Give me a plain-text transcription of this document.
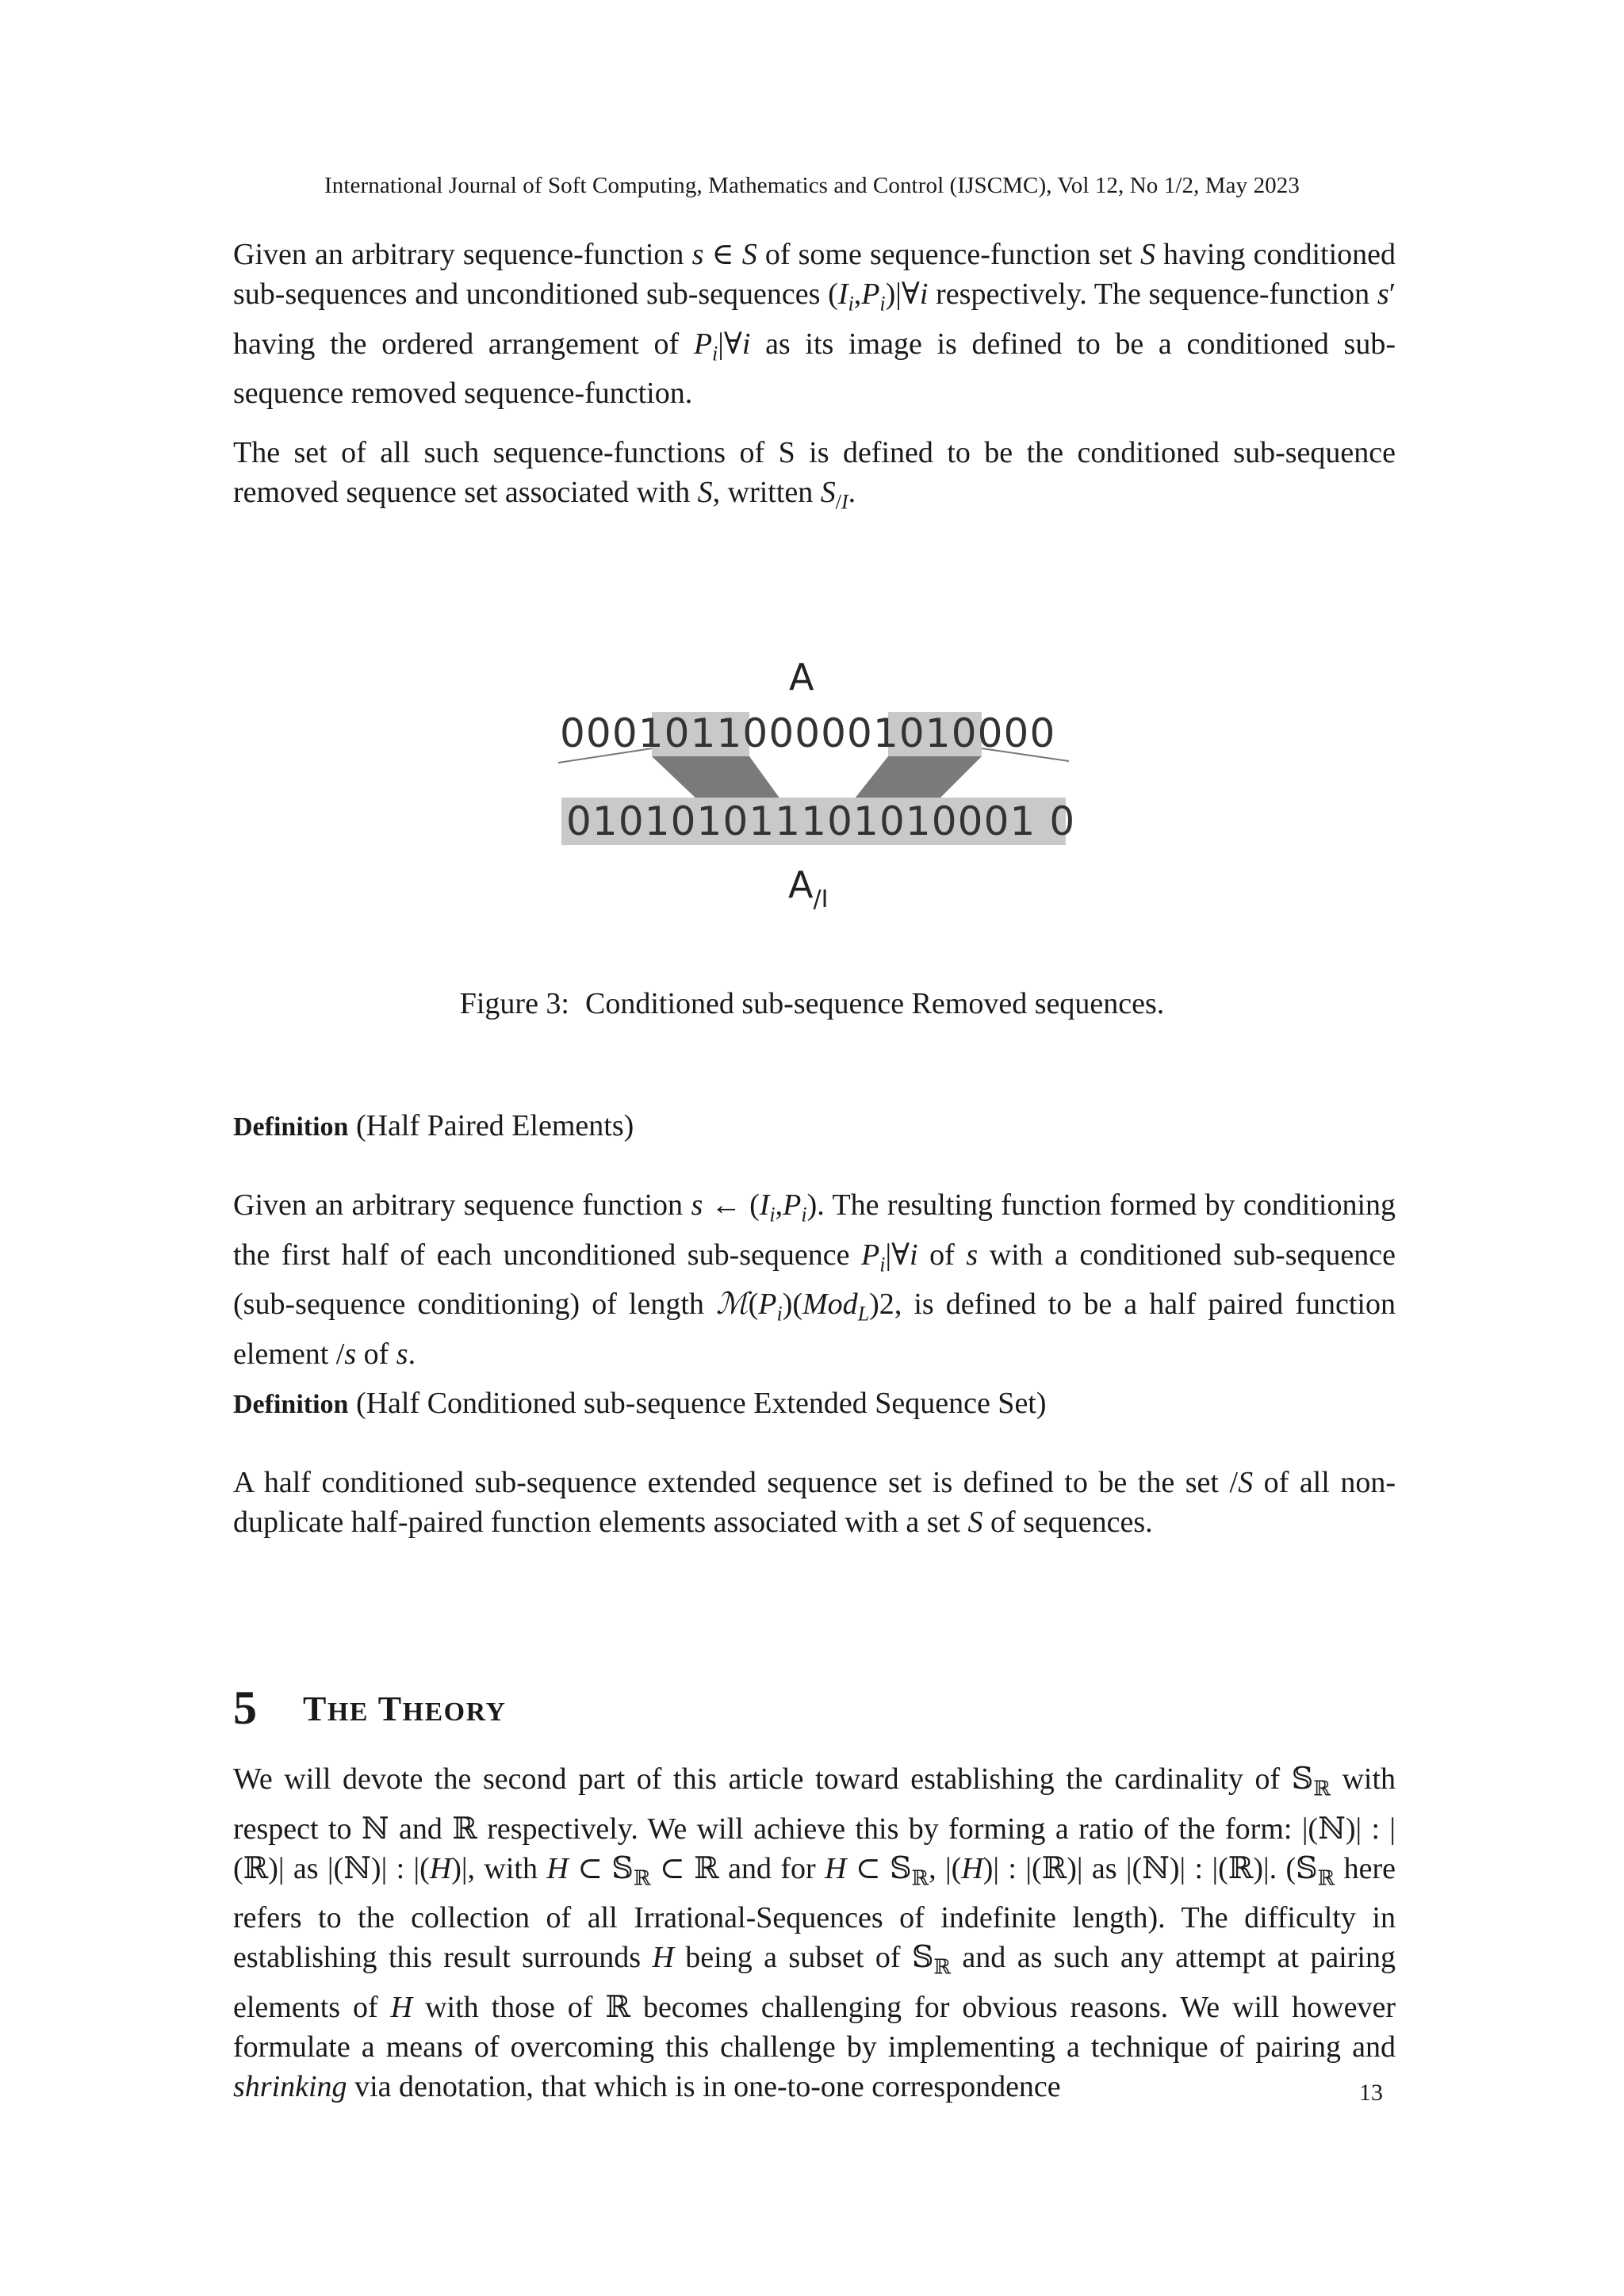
International Journal of Soft Computing, Mathematics and Control (IJSCMC), Vol 12, No 1/2, May 2023

Given an arbitrary sequence-function s ∈ S of some sequence-function set S having conditioned sub-sequences and unconditioned sub-sequences $(I_i,P_i)|\forall i$ respectively. The sequence-function s′ having the ordered arrangement of $P_i|\forall i$ as its image is defined to be a conditioned sub-sequence removed sequence-function.

The set of all such sequence-functions of S is defined to be the conditioned sub-sequence removed sequence set associated with S, written $S_{/I}$.

A
0001011000001010000
010101011101010001 0
$A_{/I}$
Figure 3: Conditioned sub-sequence Removed sequences.
Definition (Half Paired Elements)

Given an arbitrary sequence function s ← $(I_i,P_i)$. The resulting function formed by conditioning the first half of each unconditioned sub-sequence $P_i|\forall i$ of s with a conditioned sub-sequence (sub-sequence conditioning) of length $ℳ(P_i)(Mod_L)2$, is defined to be a half paired function element /s of s.

Definition (Half Conditioned sub-sequence Extended Sequence Set)

A half conditioned sub-sequence extended sequence set is defined to be the set /S of all non-duplicate half-paired function elements associated with a set S of sequences.

5 THE THEORY

We will devote the second part of this article toward establishing the cardinality of 𝕊$_ℝ$ with respect to ℕ and ℝ respectively. We will achieve this by forming a ratio of the form: |(ℕ)| : |(ℝ)| as |(ℕ)| : |(H)|, with H ⊂ 𝕊$_ℝ$ ⊂ ℝ and for H ⊂ 𝕊$_ℝ$, |(H)| : |(ℝ)| as |(ℕ)| : |(ℝ)|. (𝕊$_ℝ$ here refers to the collection of all Irrational-Sequences of indefinite length). The difficulty in establishing this result surrounds H being a subset of 𝕊$_ℝ$ and as such any attempt at pairing elements of H with those of ℝ becomes challenging for obvious reasons. We will however formulate a means of overcoming this challenge by implementing a technique of pairing and shrinking via denotation, that which is in one-to-one correspondence	13
